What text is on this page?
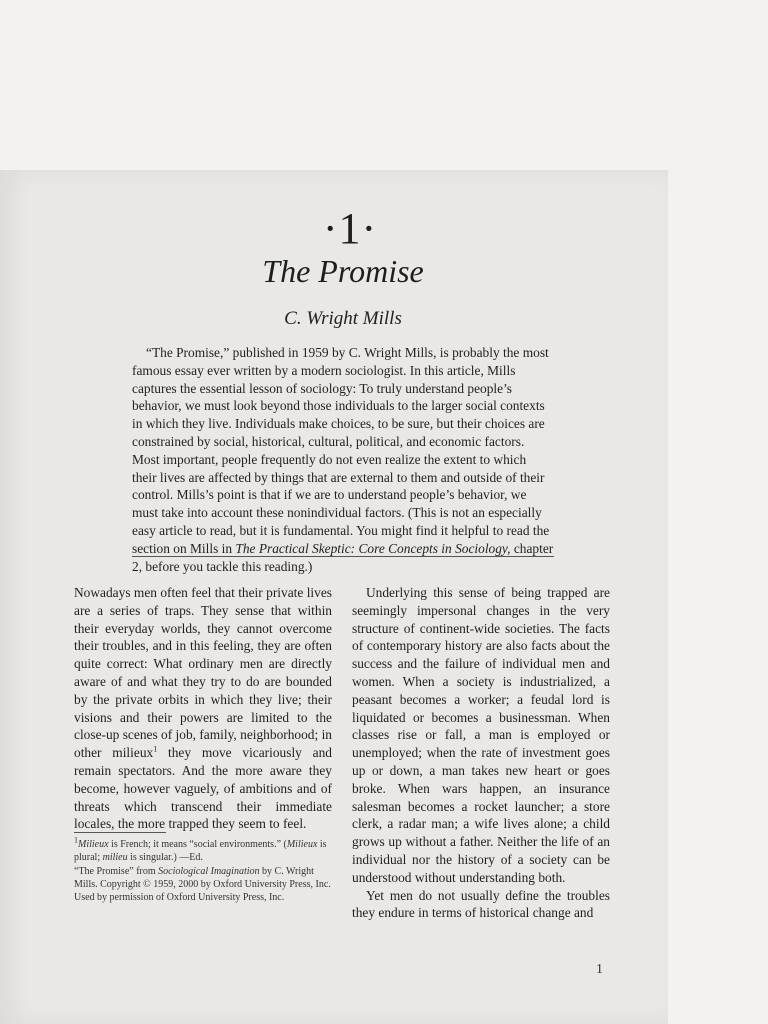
·1·
The Promise
C. Wright Mills

“The Promise,” published in 1959 by C. Wright Mills, is probably the most famous essay ever written by a modern sociologist. In this article, Mills captures the essential lesson of sociology: To truly understand people’s behavior, we must look beyond those individuals to the larger social contexts in which they live. Individuals make choices, to be sure, but their choices are constrained by social, historical, cultural, political, and economic factors. Most important, people frequently do not even realize the extent to which their lives are affected by things that are external to them and outside of their control. Mills’s point is that if we are to understand people’s behavior, we must take into account these nonindividual factors. (This is not an especially easy article to read, but it is fundamental. You might find it helpful to read the section on Mills in The Practical Skeptic: Core Concepts in Sociology, chapter 2, before you tackle this reading.)

Nowadays men often feel that their private lives are a series of traps. They sense that within their everyday worlds, they cannot overcome their troubles, and in this feeling, they are often quite correct: What ordinary men are directly aware of and what they try to do are bounded by the private orbits in which they live; their visions and their powers are limited to the close-up scenes of job, family, neighborhood; in other milieux$^1$ they move vicariously and remain spectators. And the more aware they become, however vaguely, of ambitions and of threats which transcend their immediate locales, the more trapped they seem to feel.

Underlying this sense of being trapped are seemingly impersonal changes in the very structure of continent-wide societies. The facts of contemporary history are also facts about the success and the failure of individual men and women. When a society is industrialized, a peasant becomes a worker; a feudal lord is liquidated or becomes a businessman. When classes rise or fall, a man is employed or unemployed; when the rate of investment goes up or down, a man takes new heart or goes broke. When wars happen, an insurance salesman becomes a rocket launcher; a store clerk, a radar man; a wife lives alone; a child grows up without a father. Neither the life of an individual nor the history of a society can be understood without understanding both.

Yet men do not usually define the troubles they endure in terms of historical change and

$^1$Milieux is French; it means “social environments.” (Milieux is plural; milieu is singular.) —Ed.

“The Promise” from Sociological Imagination by C. Wright Mills. Copyright © 1959, 2000 by Oxford University Press, Inc. Used by permission of Oxford University Press, Inc.

1
